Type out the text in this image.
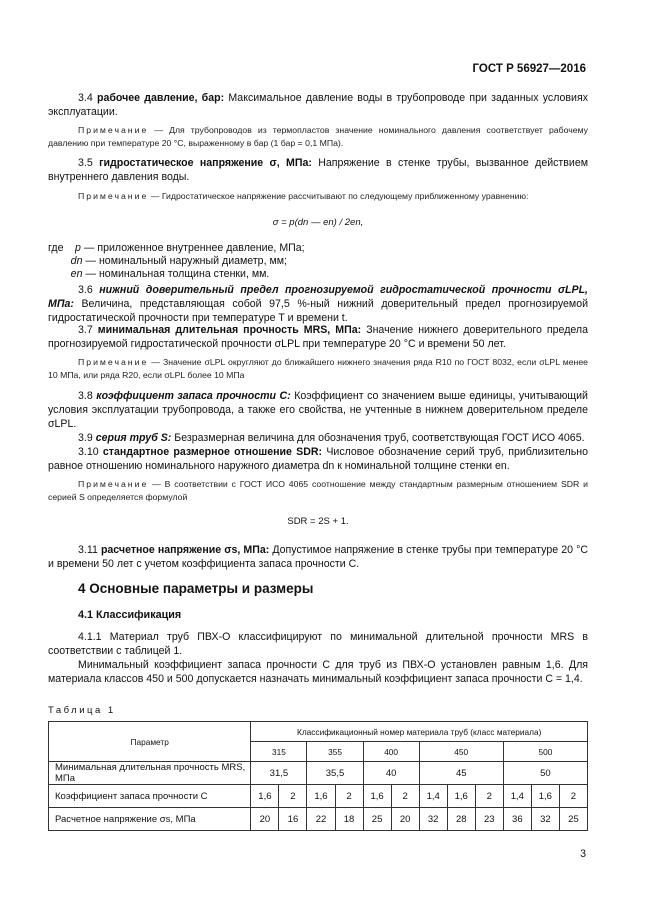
ГОСТ Р 56927—2016
3.4 рабочее давление, бар: Максимальное давление воды в трубопроводе при заданных условиях эксплуатации.
Примечание — Для трубопроводов из термопластов значение номинального давления соответствует рабочему давлению при температуре 20 °C, выраженному в бар (1 бар = 0,1 МПа).
3.5 гидростатическое напряжение σ, МПа: Напряжение в стенке трубы, вызванное действием внутреннего давления воды.
Примечание — Гидростатическое напряжение рассчитывают по следующему приближенному уравнению:
σ = p(dn — en) / 2en,
где p — приложенное внутреннее давление, МПа;
dn — номинальный наружный диаметр, мм;
en — номинальная толщина стенки, мм.
3.6 нижний доверительный предел прогнозируемой гидростатической прочности σLPL, МПа: Величина, представляющая собой 97,5 %-ный нижний доверительный предел прогнозируемой гидростатической прочности при температуре T и времени t.
3.7 минимальная длительная прочность MRS, МПа: Значение нижнего доверительного предела прогнозируемой гидростатической прочности σLPL при температуре 20 °C и времени 50 лет.
Примечание — Значение σLPL округляют до ближайшего нижнего значения ряда R10 по ГОСТ 8032, если σLPL менее 10 МПа, или ряда R20, если σLPL более 10 МПа
3.8 коэффициент запаса прочности C: Коэффициент со значением выше единицы, учитывающий условия эксплуатации трубопровода, а также его свойства, не учтенные в нижнем доверительном пределе σLPL.
3.9 серия труб S: Безразмерная величина для обозначения труб, соответствующая ГОСТ ИСО 4065.
3.10 стандартное размерное отношение SDR: Числовое обозначение серий труб, приблизительно равное отношению номинального наружного диаметра dn к номинальной толщине стенки en.
Примечание — В соответствии с ГОСТ ИСО 4065 соотношение между стандартным размерным отношением SDR и серией S определяется формулой
SDR = 2S + 1.
3.11 расчетное напряжение σs, МПа: Допустимое напряжение в стенке трубы при температуре 20 °C и времени 50 лет с учетом коэффициента запаса прочности C.
4 Основные параметры и размеры
4.1 Классификация
4.1.1 Материал труб ПВХ-О классифицируют по минимальной длительной прочности MRS в соответствии с таблицей 1.
Минимальный коэффициент запаса прочности C для труб из ПВХ-О установлен равным 1,6. Для материала классов 450 и 500 допускается назначать минимальный коэффициент запаса прочности C = 1,4.
Таблица 1
Параметр	Классификационный номер материала труб (класс материала)											
	315		355		400		450			500		
Минимальная длительная прочность MRS, МПа	31,5		35,5		40		45			50		
Коэффициент запаса прочности C	1,6	2	1,6	2	1,6	2	1,4	1,6	2	1,4	1,6	2
Расчетное напряжение σs, МПа	20	16	22	18	25	20	32	28	23	36	32	25
3
